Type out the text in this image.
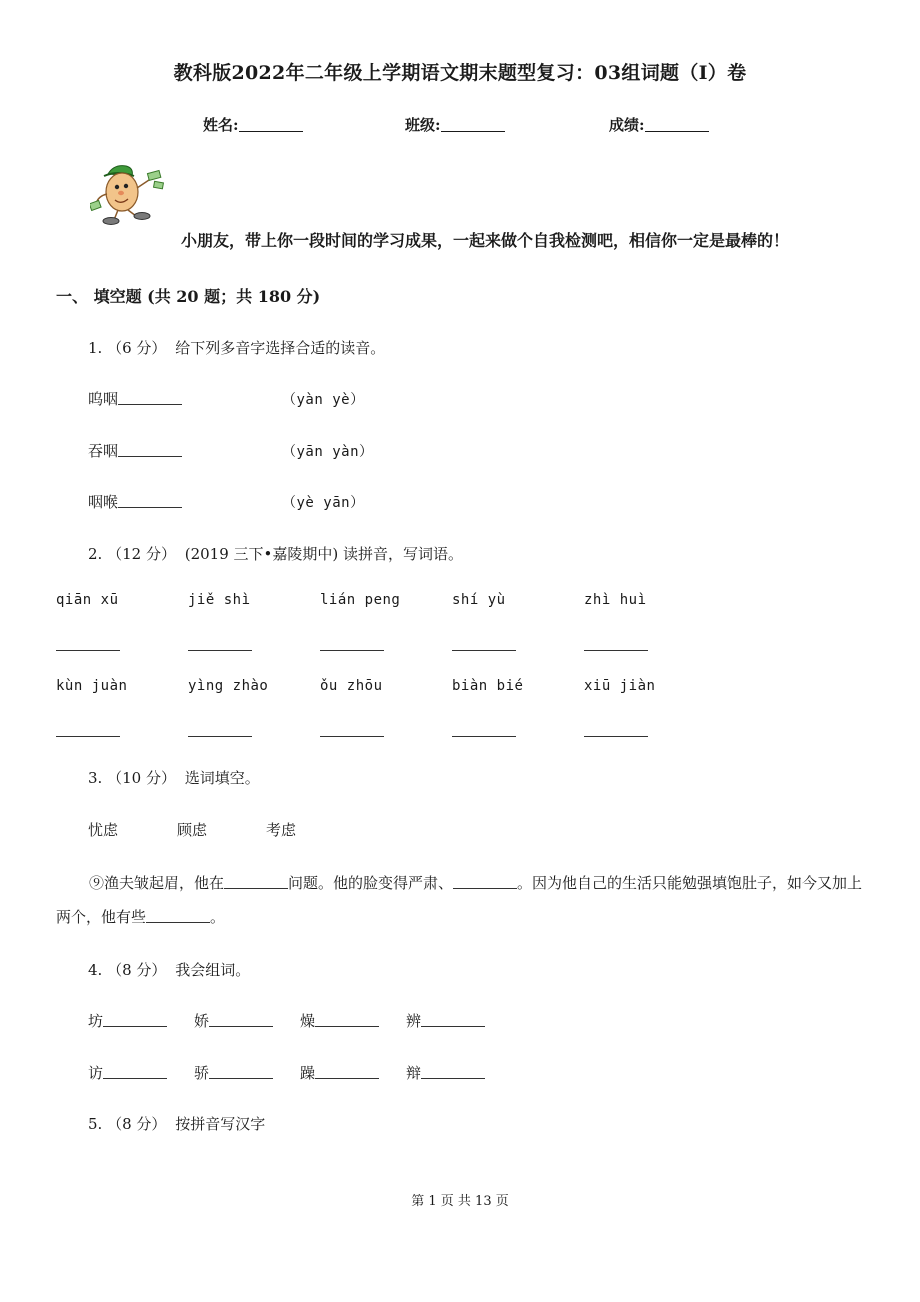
教科版2022年二年级上学期语文期末题型复习：03组词题（I）卷
姓名:	班级:	成绩:
小朋友，带上你一段时间的学习成果，一起来做个自我检测吧，相信你一定是最棒的！
一、 填空题 (共 20 题；共 180 分)
1. （6 分） 给下列多音字选择合适的读音。
呜咽	（yàn yè）
吞咽	（yān yàn）
咽喉	（yè yān）
2. （12 分） (2019 三下•嘉陵期中) 读拼音，写词语。
qiān xū	jiě shì	lián peng	shí yù	zhì huì
kùn juàn	yìng zhào	ǒu zhōu	biàn bié	xiū jiàn
3. （10 分） 选词填空。
忧虑	顾虑	考虑
⑨渔夫皱起眉，他在	问题。他的脸变得严肃、	。因为他自己的生活只能勉强填饱肚子，如今又加上两个，他有些	。
4. （8 分） 我会组词。
坊	娇	燥	辨
访	骄	躁	辩
5. （8 分） 按拼音写汉字
第 1 页 共 13 页
